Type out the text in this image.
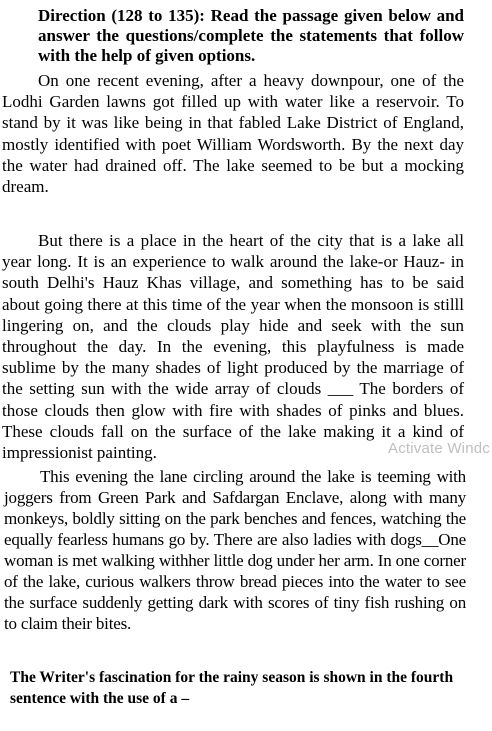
Direction (128 to 135): Read the passage given below and answer the questions/complete the statements that follow with the help of given options.
On one recent evening, after a heavy downpour, one of the Lodhi Garden lawns got filled up with water like a reservoir. To stand by it was like being in that fabled Lake District of England, mostly identified with poet William Wordsworth. By the next day the water had drained off. The lake seemed to be but a mocking dream.
But there is a place in the heart of the city that is a lake all year long. It is an experience to walk around the lake-or Hauz- in south Delhi's Hauz Khas village, and something has to be said about going there at this time of the year when the monsoon is stilll lingering on, and the clouds play hide and seek with the sun throughout the day. In the evening, this playfulness is made sublime by the many shades of light produced by the marriage of the setting sun with the wide array of clouds ___ The borders of those clouds then glow with fire with shades of pinks and blues. These clouds fall on the surface of the lake making it a kind of impressionist painting.
This evening the lane circling around the lake is teeming with joggers from Green Park and Safdargan Enclave, along with many monkeys, boldly sitting on the park benches and fences, watching the equally fearless humans go by. There are also ladies with dogs__One woman is met walking withher little dog under her arm. In one corner of the lake, curious walkers throw bread pieces into the water to see the surface suddenly getting dark with scores of tiny fish rushing on to claim their bites.
The Writer's fascination for the rainy season is shown in the fourth sentence with the use of a –
Activate Windc
